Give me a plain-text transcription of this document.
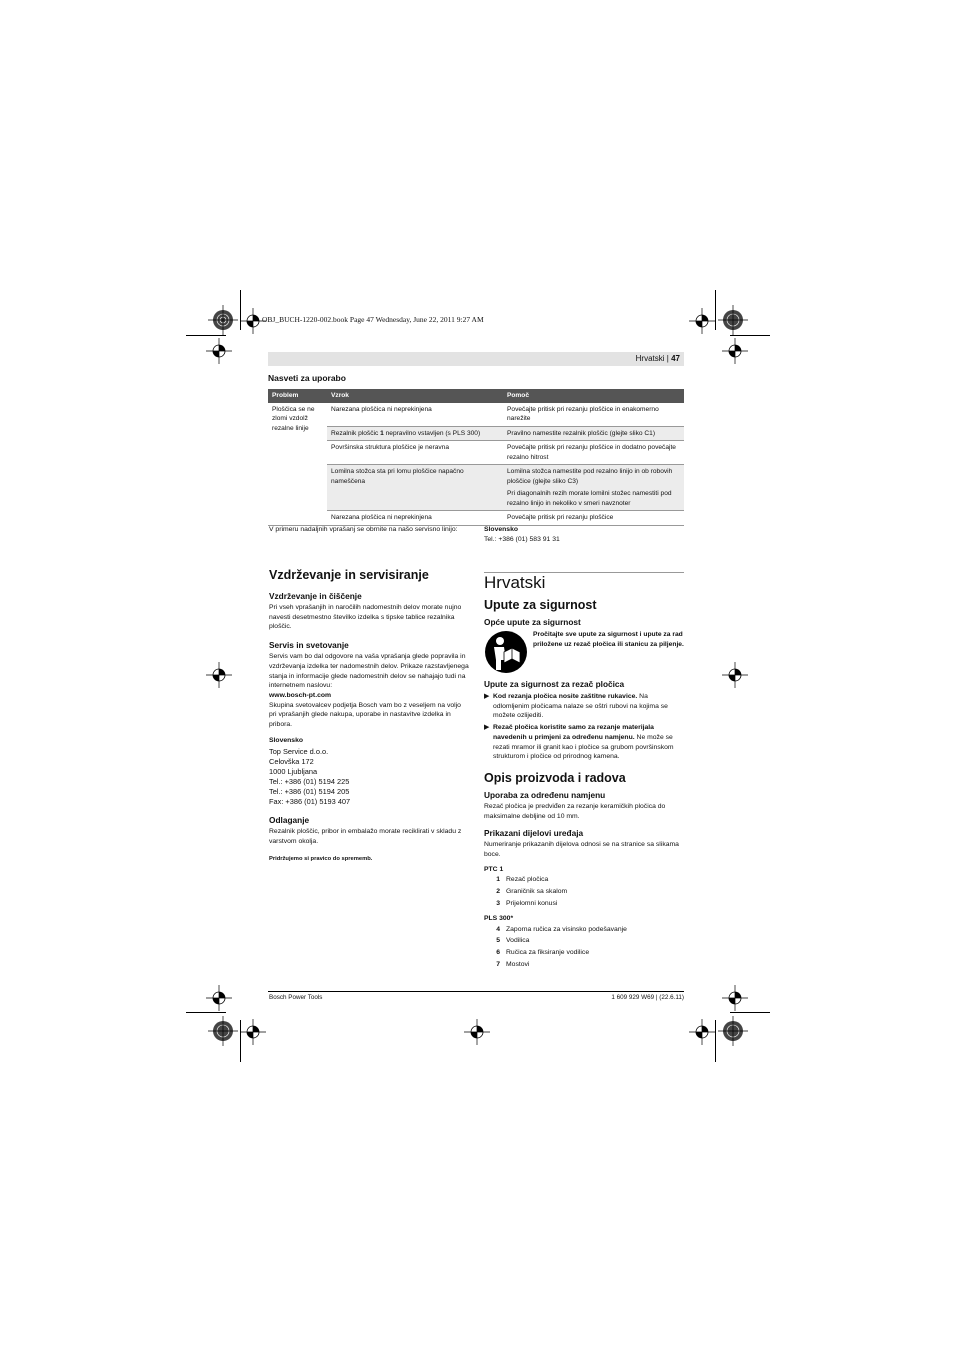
OBJ_BUCH-1220-002.book Page 47 Wednesday, June 22, 2011 9:27 AM
Hrvatski | 47
Nasveti za uporabo
Problem	Vzrok	Pomoč
Ploščica se ne zlomi vzdolž rezalne linije	Narezana ploščica ni neprekinjena	Povečajte pritisk pri rezanju ploščice in enakomerno narežite
	Rezalnik ploščic 1 nepravilno vstavljen (s PLS 300)	Pravilno namestite rezalnik ploščic (glejte sliko C1)
	Površinska struktura ploščice je neravna	Povečajte pritisk pri rezanju ploščice in dodatno povečajte rezalno hitrost
	Lomilna stožca sta pri lomu ploščice napačno nameščena	Lomilna stožca namestite pod rezalno linijo in ob robovih ploščice (glejte sliko C3)
Pri diagonalnih rezih morate lomilni stožec namestiti pod rezalno linijo in nekoliko v smeri navznoter

	Narezana ploščica ni neprekinjena	Povečajte pritisk pri rezanju ploščice
V primeru nadaljnih vprašanj se obrnite na našo servisno linijo:	Slovensko
Tel.: +386 (01) 583 91 31
Vzdrževanje in servisiranje
Vzdrževanje in čiščenje
Pri vseh vprašanjih in naročilih nadomestnih delov morate nujno navesti desetmestno številko izdelka s tipske tablice rezalnika ploščic.
Servis in svetovanje
Servis vam bo dal odgovore na vaša vprašanja glede popravila in vzdrževanja izdelka ter nadomestnih delov. Prikaze razstavljenega stanja in informacije glede nadomestnih delov se nahajajo tudi na internetnem naslovu:
www.bosch-pt.com
Skupina svetovalcev podjetja Bosch vam bo z veseljem na voljo pri vprašanjih glede nakupa, uporabe in nastavitve izdelka in pribora.
Slovensko
Top Service d.o.o.
Celovška 172
1000 Ljubljana
Tel.: +386 (01) 5194 225
Tel.: +386 (01) 5194 205
Fax: +386 (01) 5193 407
Odlaganje
Rezalnik ploščic, pribor in embalažo morate reciklirati v skladu z varstvom okolja.
Pridržujemo si pravico do sprememb.
Hrvatski
Upute za sigurnost
Opće upute za sigurnost
Pročitajte sve upute za sigurnost i upute za rad priložene uz rezač pločica ili stanicu za piljenje.
Upute za sigurnost za rezač pločica
▶ Kod rezanja pločica nosite zaštitne rukavice. Na odlomljenim pločicama nalaze se oštri rubovi na kojima se možete ozlijediti.
▶ Rezač pločica koristite samo za rezanje materijala navedenih u primjeni za određenu namjenu. Ne može se rezati mramor ili granit kao i pločice sa grubom površinskom strukturom i pločice od prirodnog kamena.
Opis proizvoda i radova
Uporaba za određenu namjenu
Rezač pločica je predviđen za rezanje keramičkih pločica do maksimalne debljine od 10 mm.
Prikazani dijelovi uređaja
Numeriranje prikazanih dijelova odnosi se na stranice sa slikama boce.
PTC 1
1 Rezač pločica
2 Graničnik sa skalom
3 Prijelomni konusi
PLS 300*
4 Zaporna ručica za visinsko podešavanje
5 Vodilica
6 Ručica za fiksiranje vodilice
7 Mostovi
Bosch Power Tools	1 609 929 W69 | (22.6.11)
